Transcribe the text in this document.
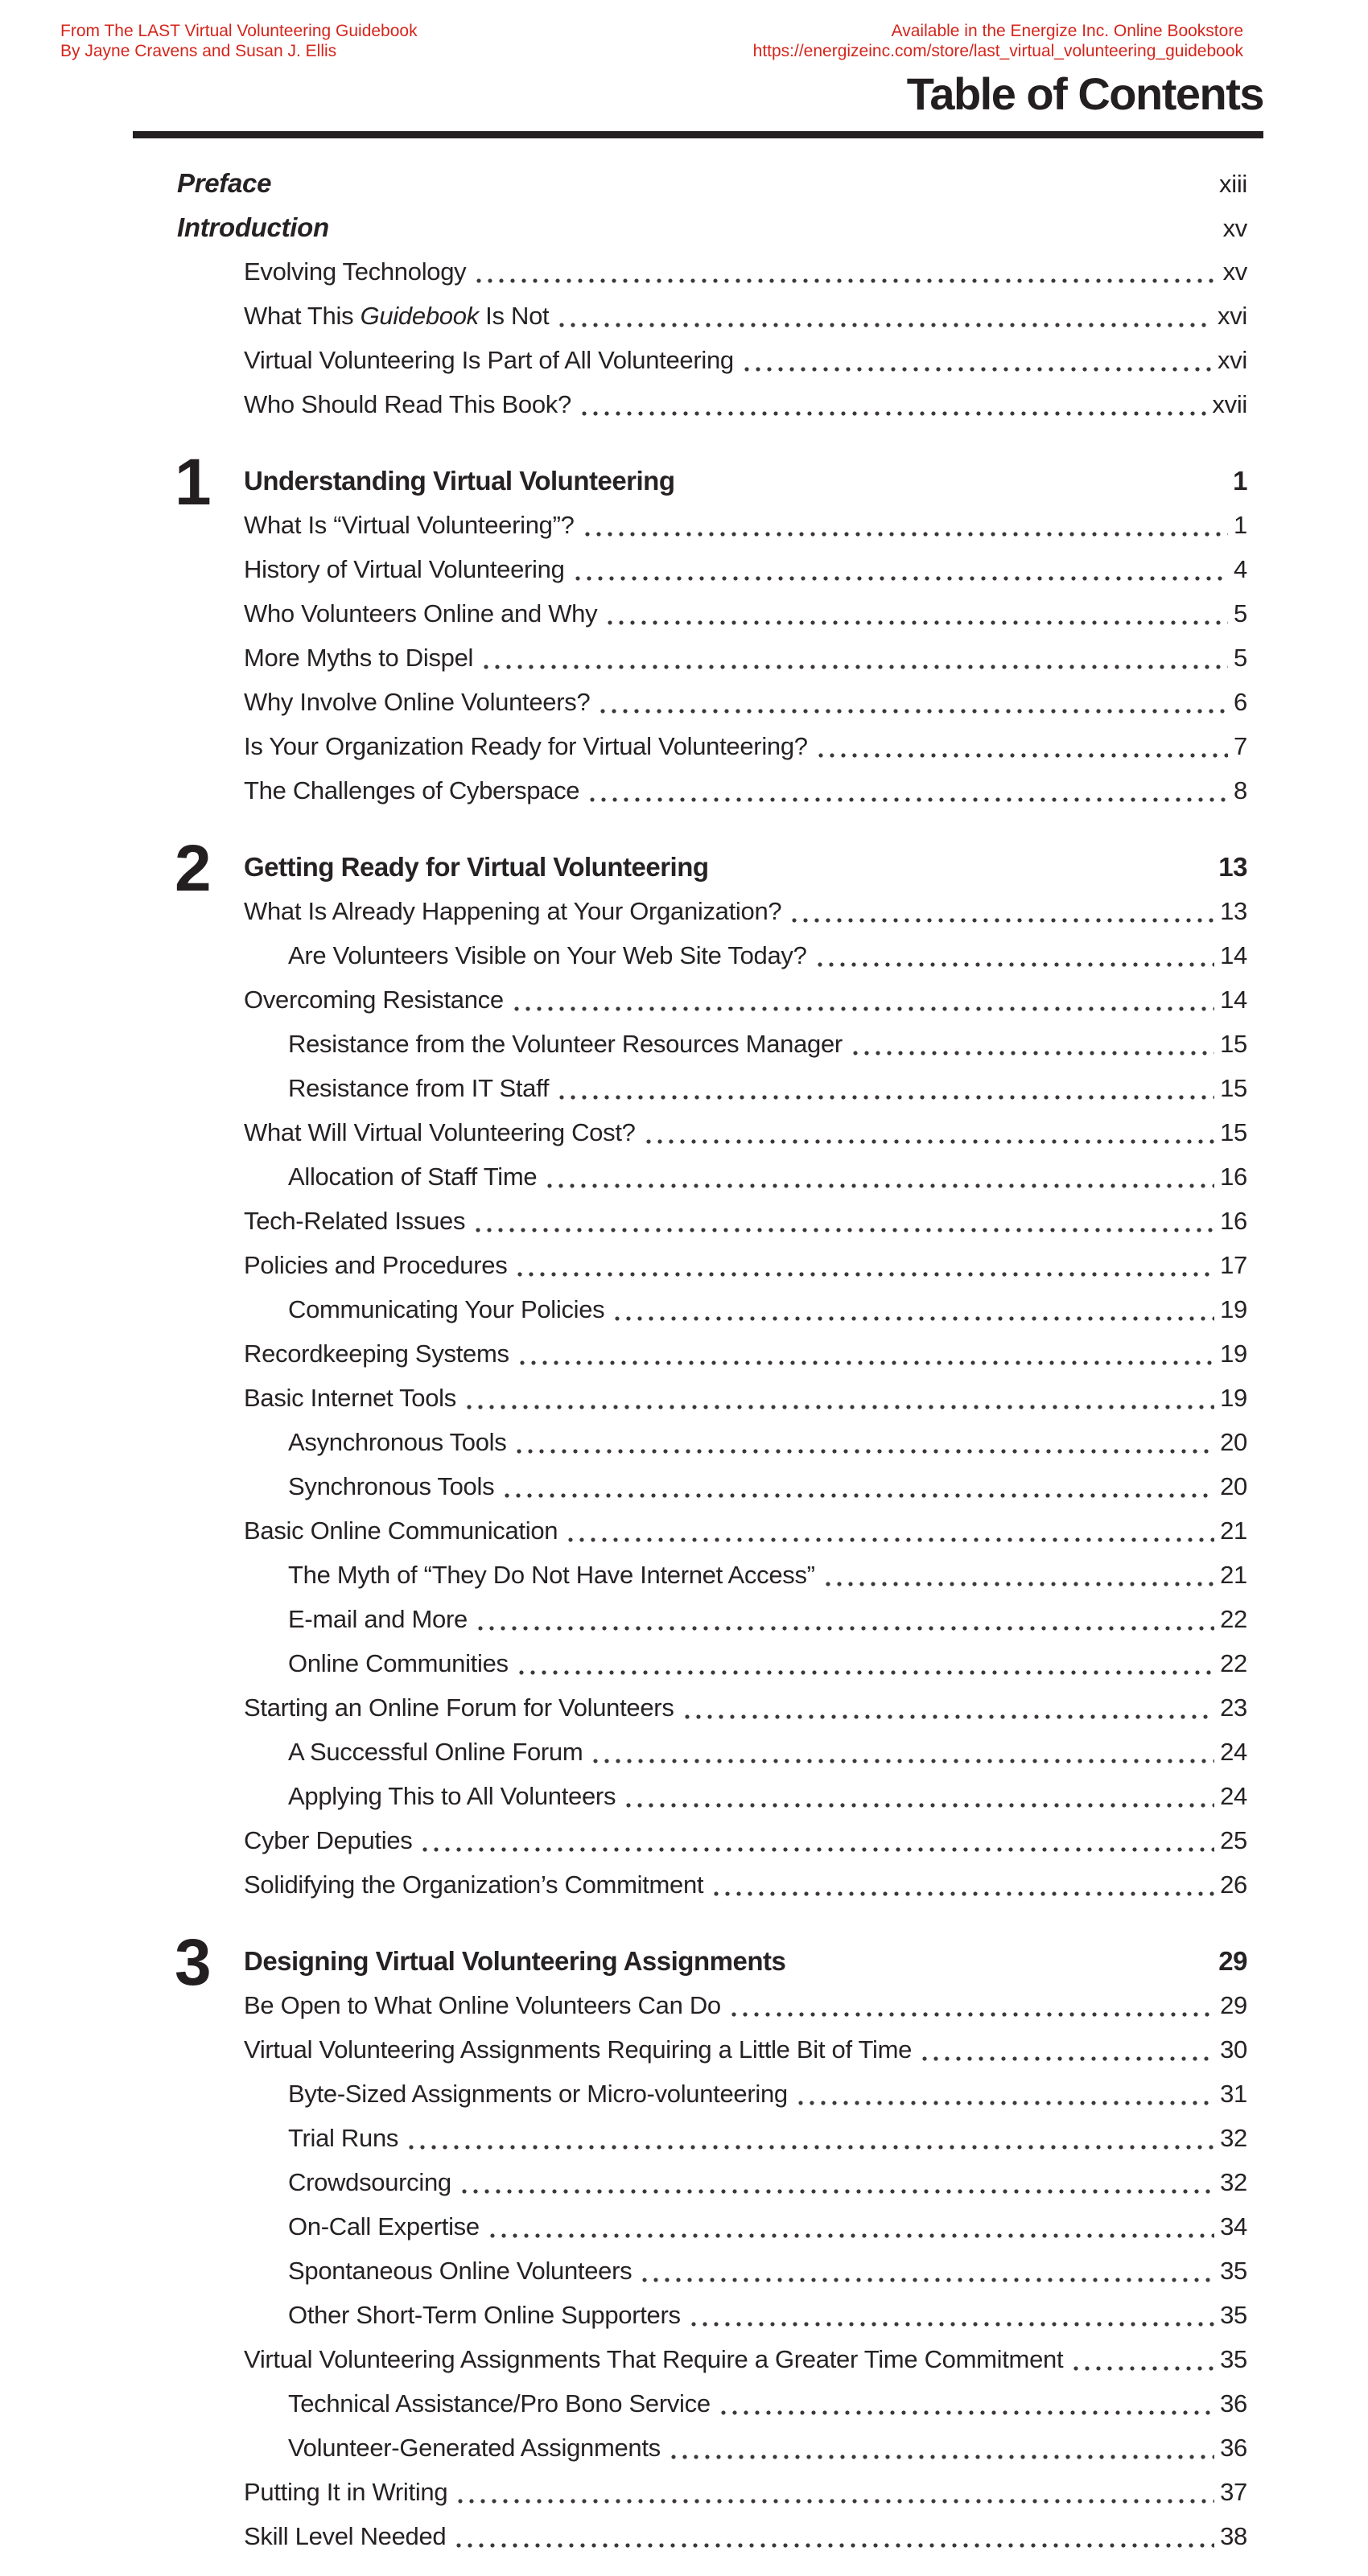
From The LAST Virtual Volunteering Guidebook
By Jayne Cravens and Susan J. Ellis
Available in the Energize Inc. Online Bookstore
https://energizeinc.com/store/last_virtual_volunteering_guidebook
Table of Contents
Preface	xiii
Introduction	xv
Evolving Technology	xv
What This Guidebook Is Not	xvi
Virtual Volunteering Is Part of All Volunteering	xvi
Who Should Read This Book?	xvii
1 Understanding Virtual Volunteering	1
What Is “Virtual Volunteering”?	1
History of Virtual Volunteering	4
Who Volunteers Online and Why	5
More Myths to Dispel	5
Why Involve Online Volunteers?	6
Is Your Organization Ready for Virtual Volunteering?	7
The Challenges of Cyberspace	8
2 Getting Ready for Virtual Volunteering	13
What Is Already Happening at Your Organization?	13
Are Volunteers Visible on Your Web Site Today?	14
Overcoming Resistance	14
Resistance from the Volunteer Resources Manager	15
Resistance from IT Staff	15
What Will Virtual Volunteering Cost?	15
Allocation of Staff Time	16
Tech-Related Issues	16
Policies and Procedures	17
Communicating Your Policies	19
Recordkeeping Systems	19
Basic Internet Tools	19
Asynchronous Tools	20
Synchronous Tools	20
Basic Online Communication	21
The Myth of “They Do Not Have Internet Access”	21
E-mail and More	22
Online Communities	22
Starting an Online Forum for Volunteers	23
A Successful Online Forum	24
Applying This to All Volunteers	24
Cyber Deputies	25
Solidifying the Organization’s Commitment	26
3 Designing Virtual Volunteering Assignments	29
Be Open to What Online Volunteers Can Do	29
Virtual Volunteering Assignments Requiring a Little Bit of Time	30
Byte-Sized Assignments or Micro-volunteering	31
Trial Runs	32
Crowdsourcing	32
On-Call Expertise	34
Spontaneous Online Volunteers	35
Other Short-Term Online Supporters	35
Virtual Volunteering Assignments That Require a Greater Time Commitment	35
Technical Assistance/Pro Bono Service	36
Volunteer-Generated Assignments	36
Putting It in Writing	37
Skill Level Needed	38
